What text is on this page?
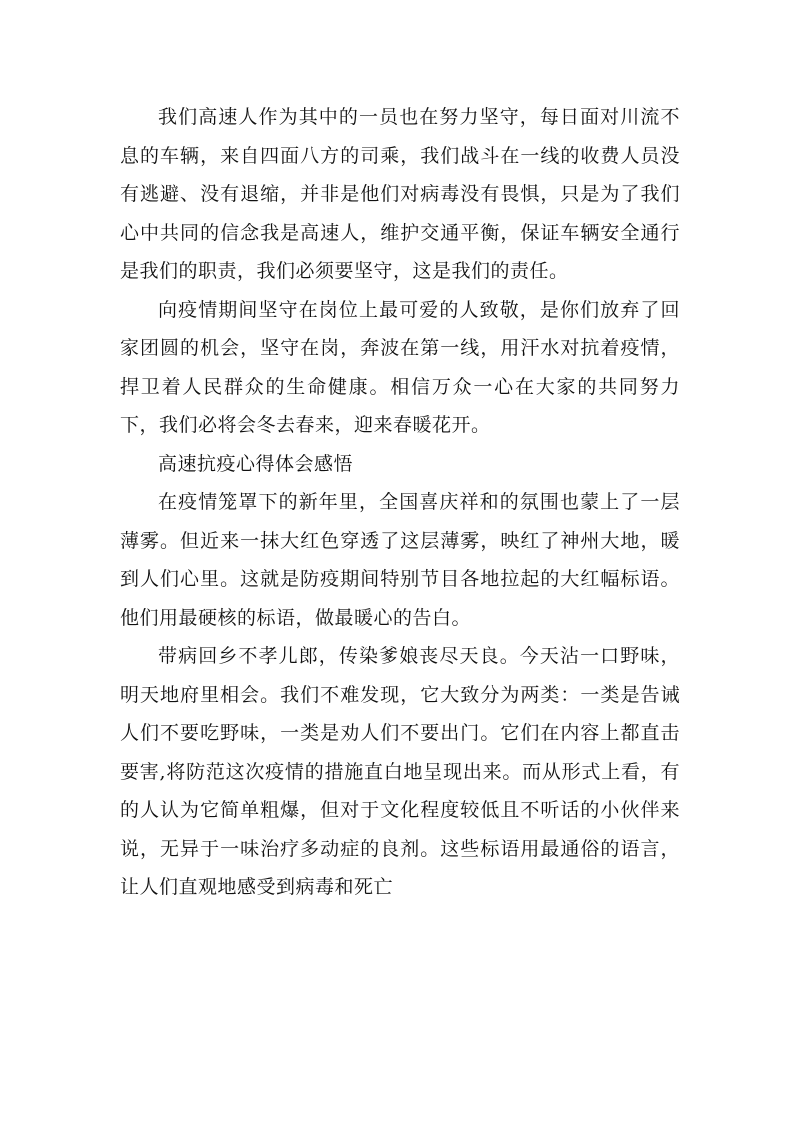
我们高速人作为其中的一员也在努力坚守，每日面对川流不息的车辆，来自四面八方的司乘，我们战斗在一线的收费人员没有逃避、没有退缩，并非是他们对病毒没有畏惧，只是为了我们心中共同的信念我是高速人，维护交通平衡，保证车辆安全通行是我们的职责，我们必须要坚守，这是我们的责任。

向疫情期间坚守在岗位上最可爱的人致敬，是你们放弃了回家团圆的机会，坚守在岗，奔波在第一线，用汗水对抗着疫情，捍卫着人民群众的生命健康。相信万众一心在大家的共同努力下，我们必将会冬去春来，迎来春暖花开。

高速抗疫心得体会感悟

在疫情笼罩下的新年里，全国喜庆祥和的氛围也蒙上了一层薄雾。但近来一抹大红色穿透了这层薄雾，映红了神州大地，暖到人们心里。这就是防疫期间特别节目各地拉起的大红幅标语。他们用最硬核的标语，做最暖心的告白。

带病回乡不孝儿郎，传染爹娘丧尽天良。今天沾一口野味，明天地府里相会。我们不难发现，它大致分为两类：一类是告诫人们不要吃野味，一类是劝人们不要出门。它们在内容上都直击要害,将防范这次疫情的措施直白地呈现出来。而从形式上看，有的人认为它简单粗爆，但对于文化程度较低且不听话的小伙伴来说，无异于一味治疗多动症的良剂。这些标语用最通俗的语言，让人们直观地感受到病毒和死亡
